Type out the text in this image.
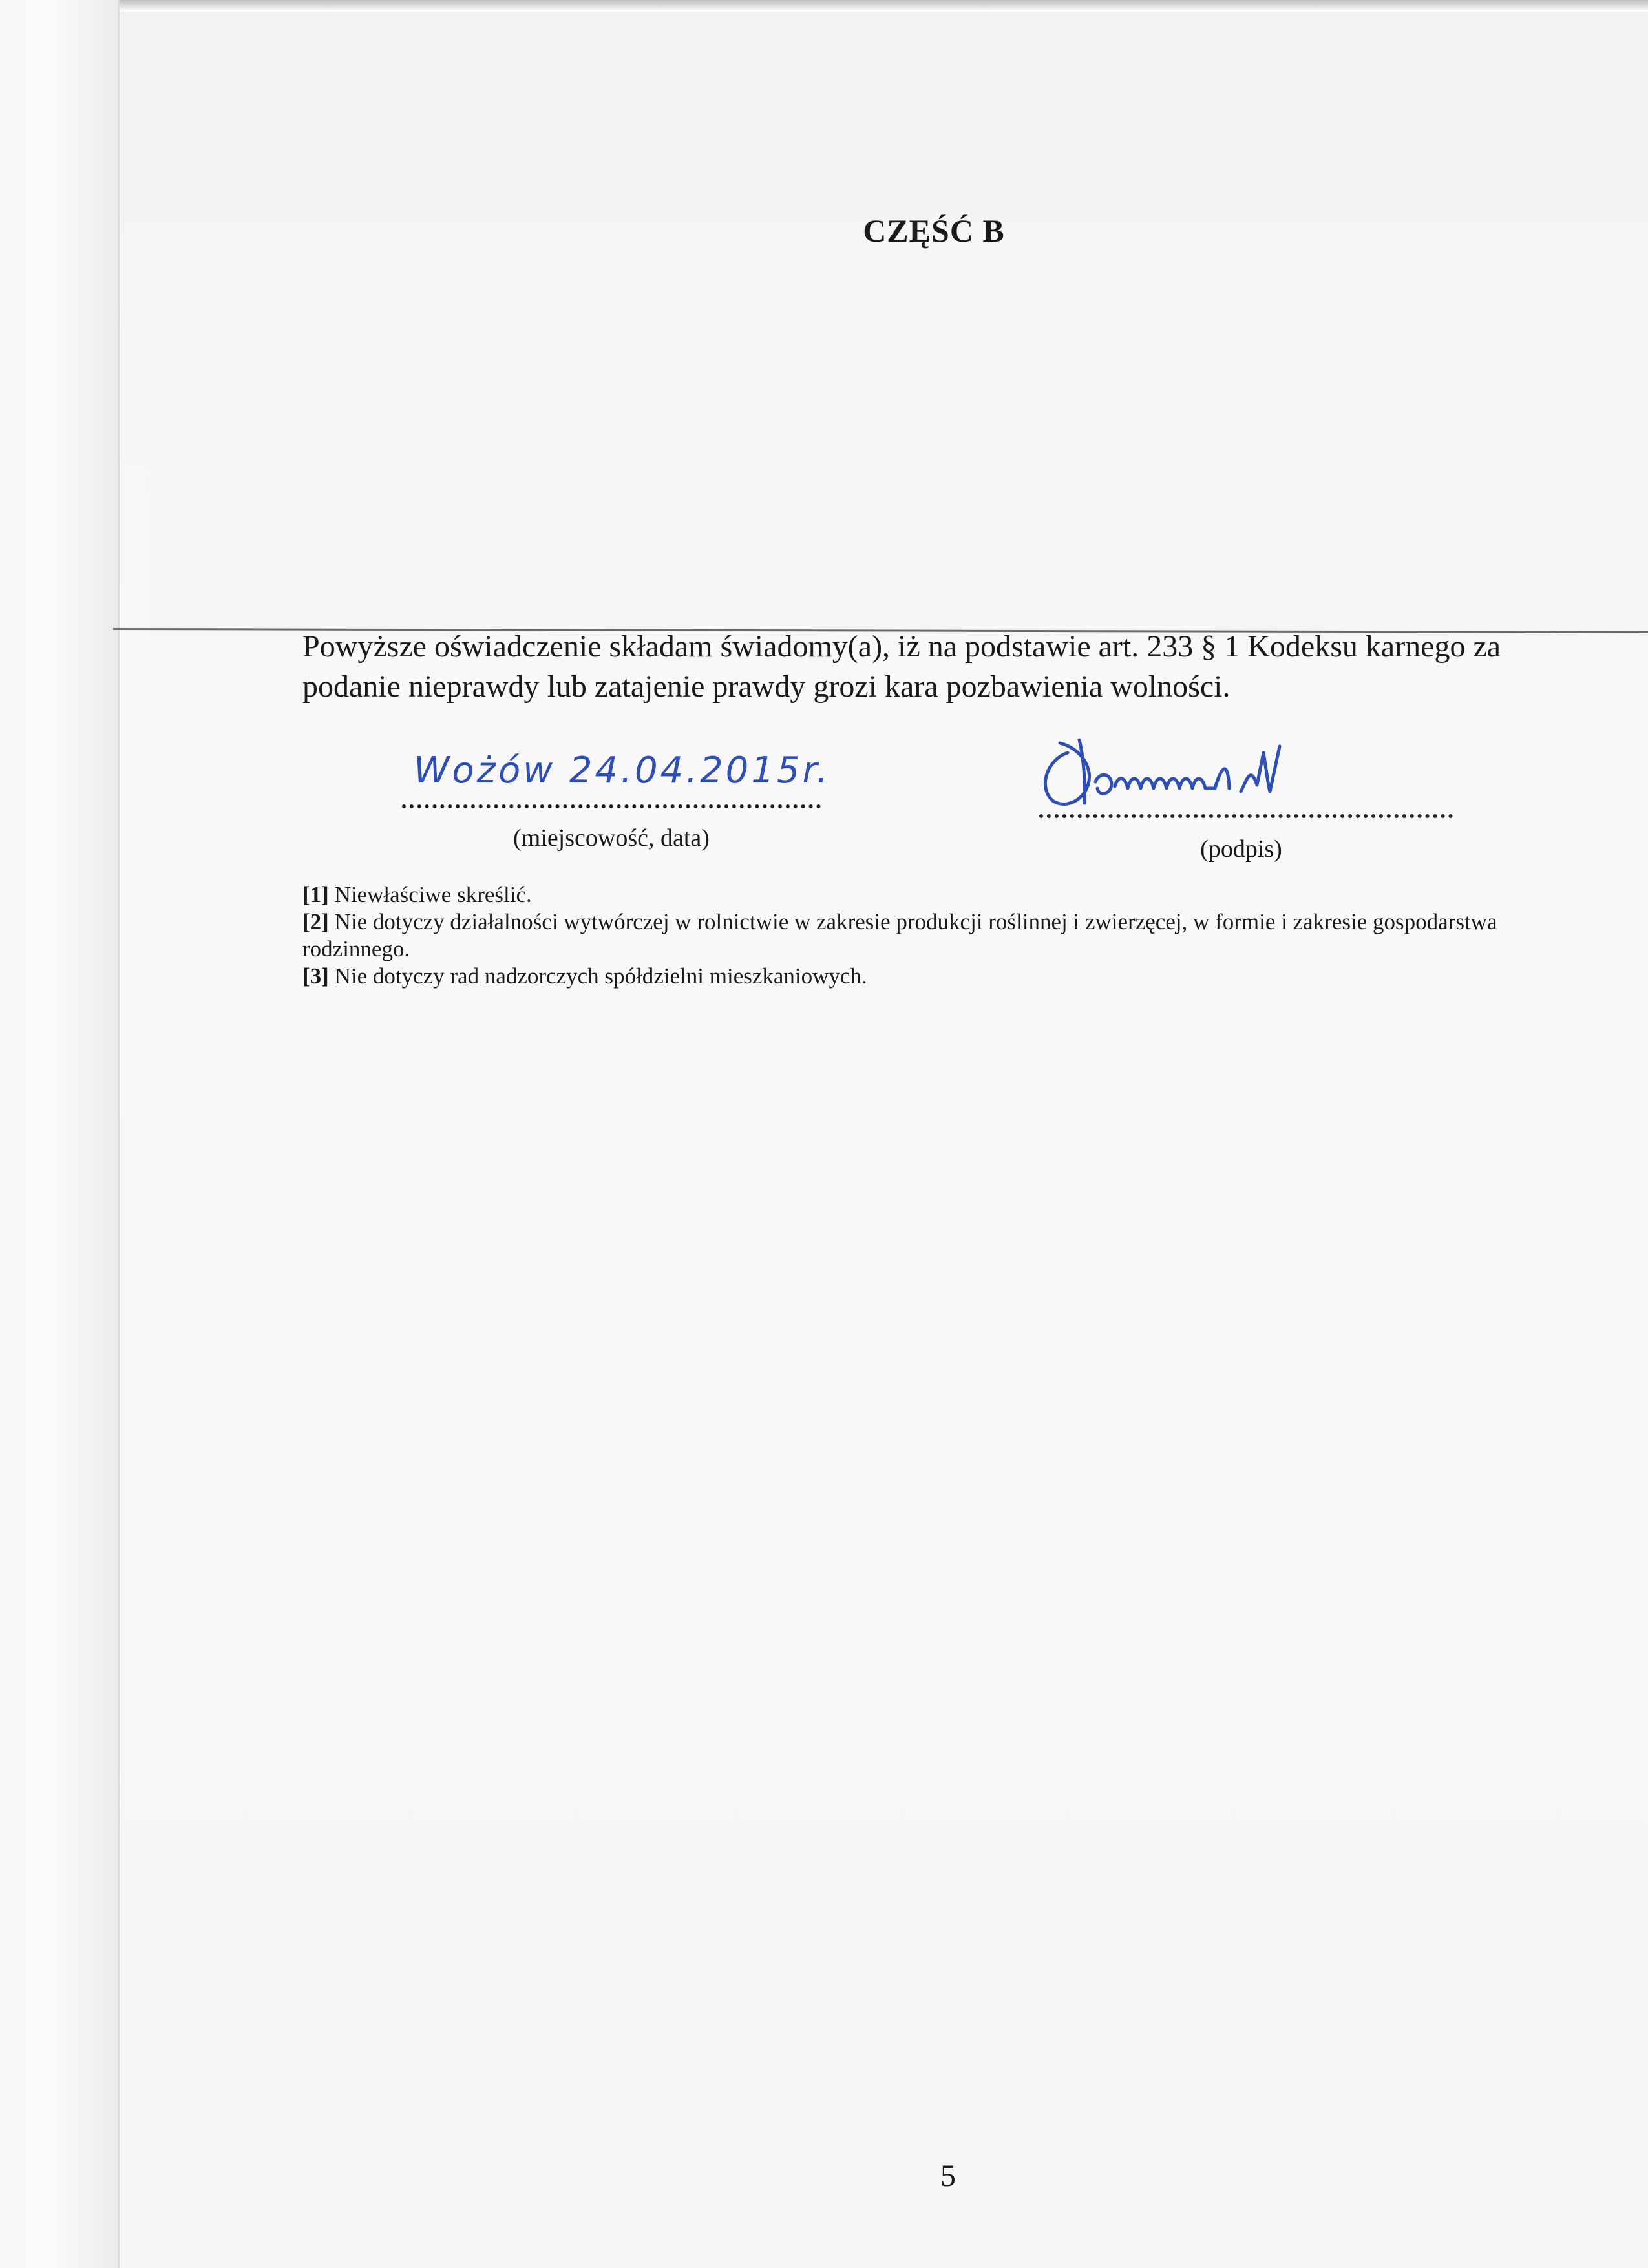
CZĘŚĆ B
Powyższe oświadczenie składam świadomy(a), iż na podstawie art. 233 § 1 Kodeksu karnego za
podanie nieprawdy lub zatajenie prawdy grozi kara pozbawienia wolności.
Wożów 24.04.2015r.
(miejscowość, data)	(podpis)
[1] Niewłaściwe skreślić.
[2] Nie dotyczy działalności wytwórczej w rolnictwie w zakresie produkcji roślinnej i zwierzęcej, w formie i zakresie gospodarstwa rodzinnego.
[3] Nie dotyczy rad nadzorczych spółdzielni mieszkaniowych.
5
